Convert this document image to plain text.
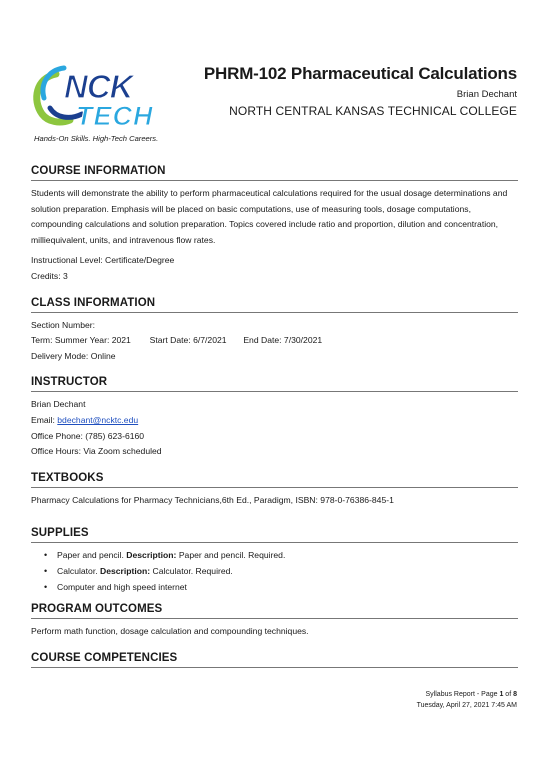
NCK
TECH
Hands-On Skills. High-Tech Careers.
PHRM-102 Pharmaceutical Calculations
Brian Dechant
NORTH CENTRAL KANSAS TECHNICAL COLLEGE
COURSE INFORMATION

Students will demonstrate the ability to perform pharmaceutical calculations required for the usual dosage determinations and solution preparation. Emphasis will be placed on basic computations, use of measuring tools, dosage computations, compounding calculations and solution preparation. Topics covered include ratio and proportion, dilution and concentration, milliequivalent, units, and intravenous flow rates.

Instructional Level: Certificate/Degree
Credits: 3
CLASS INFORMATION
Section Number:
Term: Summer Year: 2021 Start Date: 6/7/2021 End Date: 7/30/2021
Delivery Mode: Online
INSTRUCTOR
Brian Dechant
Email: bdechant@ncktc.edu
Office Phone: (785) 623-6160
Office Hours: Via Zoom scheduled
TEXTBOOKS
Pharmacy Calculations for Pharmacy Technicians,6th Ed., Paradigm, ISBN: 978-0-76386-845-1
SUPPLIES
• Paper and pencil. Description: Paper and pencil. Required.
• Calculator. Description: Calculator. Required.
• Computer and high speed internet
PROGRAM OUTCOMES
Perform math function, dosage calculation and compounding techniques.
COURSE COMPETENCIES
Syllabus Report - Page 1 of 8
Tuesday, April 27, 2021 7:45 AM
